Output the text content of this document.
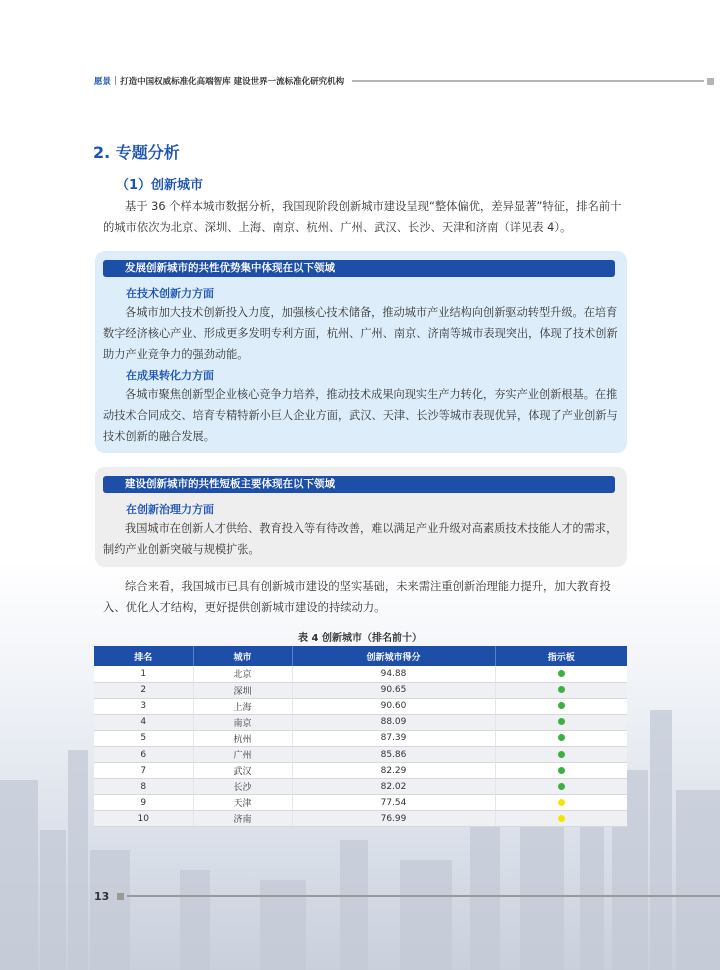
愿景 | 打造中国权威标准化高端智库 建设世界一流标准化研究机构
2. 专题分析
（1）创新城市
基于 36 个样本城市数据分析，我国现阶段创新城市建设呈现“整体偏优，差异显著”特征，排名前十的城市依次为北京、深圳、上海、南京、杭州、广州、武汉、长沙、天津和济南（详见表 4）。
发展创新城市的共性优势集中体现在以下领域
在技术创新力方面
各城市加大技术创新投入力度，加强核心技术储备，推动城市产业结构向创新驱动转型升级。在培育数字经济核心产业、形成更多发明专利方面，杭州、广州、南京、济南等城市表现突出，体现了技术创新助力产业竞争力的强劲动能。
在成果转化力方面
各城市聚焦创新型企业核心竞争力培养，推动技术成果向现实生产力转化，夯实产业创新根基。在推动技术合同成交、培育专精特新小巨人企业方面，武汉、天津、长沙等城市表现优异，体现了产业创新与技术创新的融合发展。
建设创新城市的共性短板主要体现在以下领域
在创新治理力方面
我国城市在创新人才供给、教育投入等有待改善，难以满足产业升级对高素质技术技能人才的需求，制约产业创新突破与规模扩张。
综合来看，我国城市已具有创新城市建设的坚实基础，未来需注重创新治理能力提升，加大教育投入、优化人才结构，更好提供创新城市建设的持续动力。
表 4 创新城市（排名前十）
排名	城市	创新城市得分	指示板
1	北京	94.88	
2	深圳	90.65	
3	上海	90.60	
4	南京	88.09	
5	杭州	87.39	
6	广州	85.86	
7	武汉	82.29	
8	长沙	82.02	
9	天津	77.54	
10	济南	76.99	
13
